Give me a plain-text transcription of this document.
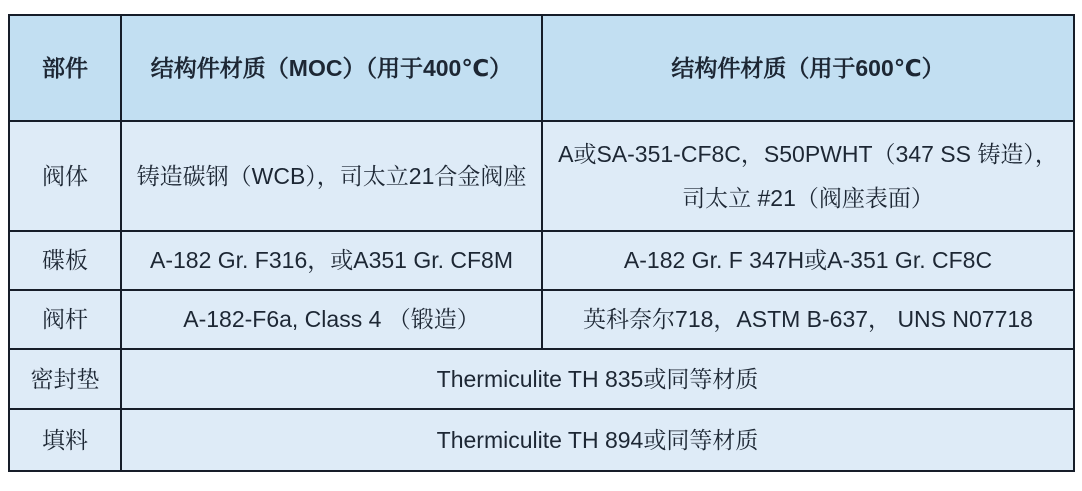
部件	结构件材质（MOC）（用于400℃）	结构件材质（用于600℃）
阀体	铸造碳钢（WCB），司太立21合金阀座	A或SA-351-CF8C，S50PWHT（347 SS 铸造），司太立 #21（阀座表面）
碟板	A-182 Gr. F316，或A351 Gr. CF8M	A-182 Gr. F 347H或A-351 Gr. CF8C
阀杆	A-182-F6a, Class 4 （锻造）	英科奈尔718，ASTM B-637， UNS N07718
密封垫	Thermiculite TH 835或同等材质	
填料	Thermiculite TH 894或同等材质	
